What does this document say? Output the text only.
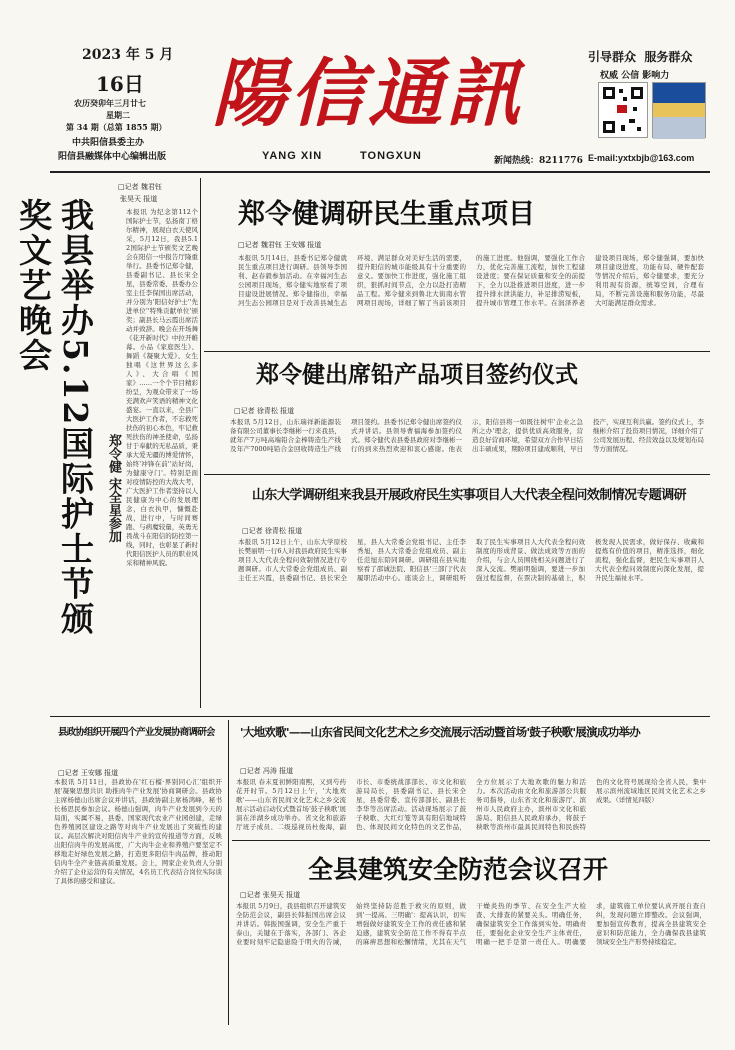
2023 年 5 月
16日
农历癸卯年三月廿七
星期二
第 34 期（总第 1855 期）
中共阳信县委主办
阳信县融媒体中心编辑出版
陽信通訊
YANG XIN	TONGXUN
引导群众  服务群众
权威 公信 影响力
新闻热线：8211776 E-mail:yxtxbjb@163.com
□记者 魏君钰
张昊天 报道
我县举办5.12国际护士节颁奖文艺晚会
郑令健 宋全星参加
本报讯 为纪念第112个国际护士节，弘扬南丁格尔精神，展现白衣天使风采，5月12日，我县5.12国际护士节颁奖文艺晚会在阳信一中报告厅隆重举行。县委书记郑令健，县委副书记、县长宋全星，县委常委、县委办公室主任李保国出席活动，并分别为'阳信好护士''先进单位''特殊贡献单位'颁奖；副县长马云霞出席活动并致辞。晚会在开场舞《花开新时代》中拉开帷幕。小品《家庭医生》、舞蹈《凝聚大爱》、女生独唱《这世界这么多人》、大合唱《国家》……一个个节目精彩纷呈，为观众带来了一场充满欢声笑语的精神文化盛宴。一直以来，全县广大医护工作者，不忘救死扶伤的初心本色，牢记救死扶伤的神圣使命，弘扬甘于奉献的无私品质，秉承大爱无疆的博爱情怀，始终'冲锋在前''站好岗，为健康守门'。特别是面对疫情防控的大战大考，广大医护工作者坚持以人民健康为中心的发展理念，白衣执甲，慷慨赴战，进行中，与时间赛跑、与病魔较量，英勇无畏战斗在阳信的防控第一线，同时，也彰显了新时代阳信医护人员的职业风采和精神风貌。
郑令健调研民生重点项目
□记者 魏君钰 王安娜 报道
本报讯 5月14日，县委书记郑令健就民生重点项目进行调研。县领导李国利、赵春毅参加活动。在幸福河生态公园项目现场，郑令健实地察看了项目建设进展情况。郑令健指出，幸福河生态公园项目是对于改善县城生态环境、满足群众对美好生活的需要，提升阳信的城市能级具有十分重要的意义。要加快工作进度，强化施工组织，狠抓时间节点，全力以赴打造精品工程。郑令健来到鲁北大街南水管网项目现场，详细了解了当前该项目的施工进度。他强调，要强化工作合力，优化完善施工流程，加快工程建设进度；要在保证质量和安全的前提下，全力以赴推进项目进度，进一步提升排水泄洪能力，补足排涝短板，提升城市管理工作水平。在润泽养老建设项目现场，郑令健强调，要加快项目建设进度，功能布局、硬件配套等情况介绍后，郑令健要求，要充分利用现有资源，统筹空间，合理布局，不断完善设施和服务功能，尽最大可能满足群众需求。
郑令健出席铅产品项目签约仪式
□记者 徐青松 报道
本报讯 5月12日，山东瑞祥新能源装备有限公司董事长李继彬一行来我县，就年产7万吨高端铅合金棒铸造生产线及年产7000吨铅合金回收铸造生产线项目签约。县委书记郑令健出席签约仪式并讲话。县领导曹福海参加签约仪式。郑令健代表县委县政府对李继彬一行的到来热烈欢迎和衷心感谢。他表示，阳信县将一如既往树牢'企业之急所之办'理念，提供优质高效服务，营造良好营商环境，希望双方合作早日结出丰硕成果，期盼项目建成顺利，早日投产，实现互利共赢。签约仪式上，李继彬介绍了投资项目情况，详细介绍了公司发展历程、经营效益以及规划布局等方面情况。
山东大学调研组来我县开展政府民生实事项目人大代表全程问效制情况专题调研
□记者 徐青松 报道
本报讯 5月12日上午，山东大学原校长樊丽明一行6人对我县政府民生实事项目人大代表全程问效制情况进行专题调研。市人大常委会党组成员、副主任王兴霞，县委副书记、县长宋全星，县人大常委会党组书记、主任李秀旭，县人大常委会党组成员、副主任范旭东陪同调研。调研组在县实地察看了邵诚法院、阳信县'三部门'代表履职活动中心。座谈会上，调研组听取了民生实事项目人大代表全程问效制度的形成背景、做法成效等方面的介绍，与会人员围绕相关问题进行了深入交流。樊丽明强调，要进一步加强过程监督，在票决制的基础上，积极发现人民需求，做好保存、收藏和提炼有价值的项目，精准选择，细化流程，强化监督，把民生实事项目人大代表全程问效制度向深化发展，提升民生福祉水平。
县政协组织开展四个产业发展协商调研会
□记者 王安娜 报道
本报讯 5月11日，县政协在'红石榴·界别同心汇'组织开展'凝聚思想共识 助推肉牛产业发展'协商调研会。县政协主席杨德山出席会议并讲话，县政协副主席杨鸿峰，秘书长杨思民参加会议。杨德山强调，肉牛产业发展到今天的局面，实属不易，县委、国家现代农业产业园创建，走绿色养殖园区建设之路等对肉牛产业发展出了突破性的建议。高层次解决对阳信肉牛产业的宣传报道等方面，反映出阳信肉牛的发展高度，广大肉牛企业和养殖户要坚定不移地走好绿色发展之路，打造更多阳信牛肉品牌，推动阳信肉牛全产业链高质量发展。会上，网家企业负责人分别介绍了企业运营的有关情况，4名员工代表结合岗位实际谈了具体的感受和建议。
'大地欢歌'——山东省民间文化艺术之乡交流展示活动暨首场'鼓子秧歌'展演成功举办
□记者 冯涛 报道
本报讯 春末夏初鲜阳南熙，又到芍药花开时节。5月12日上午，'大地欢歌'——山东省民间文化艺术之乡交流展示活动启动仪式暨首场'鼓子秧歌'展演在洋湖乡成功举办。省文化和旅游厅班子成员、二级巡视员杜俊海，副市长、市委统战部部长、市文化和旅游局局长，县委副书记、县长宋全星，县委常委、宣传部部长、副县长李华等出席活动。活动现场展示了鼓子秧歌、大红灯笼等具有阳信地域特色、体现民间文化特色的文艺作品，全方位展示了大地欢歌的魅力和活力。本次活动由文化和旅游部公共服务司指导，山东省文化和旅游厅、滨州市人民政府主办，滨州市文化和旅游局、阳信县人民政府承办，将鼓子秧歌等滨州市最具民间特色和民族特色的文化符号展现给全省人民，集中展示滨州流域地区民间文化艺术之乡成果。（详情见四版）
全县建筑安全防范会议召开
□记者 张昊天 报道
本报讯 5月9日，我县组织召开建筑安全防范会议，副县长韩振国出席会议并讲话。韩振国强调，安全生产重于泰山，关键在于落实，各部门、各企业要时刻牢记隐患险于明火的告诫，始终坚持防范胜于救灾的原则，做到'一提高、三明确'：提高认识，切实增强做好建筑安全工作的责任感和紧迫感，建筑安全防范工作不得有半点的麻痹思想和松懈情绪，尤其在天气干燥炎热的季节、在安全生产大检查、大排查的紧要关头。明确任务，确保建筑安全工作落到实处。明确责任，要强化企业安全生产主体责任，明确一把手是第一责任人。明确要求，建筑施工单位要认真开展自查自纠，发现问题立即整改。会议强调，要加强宣传教育，提高全县建筑安全意识和防范能力，全力确保我县建筑领域安全生产形势持续稳定。
